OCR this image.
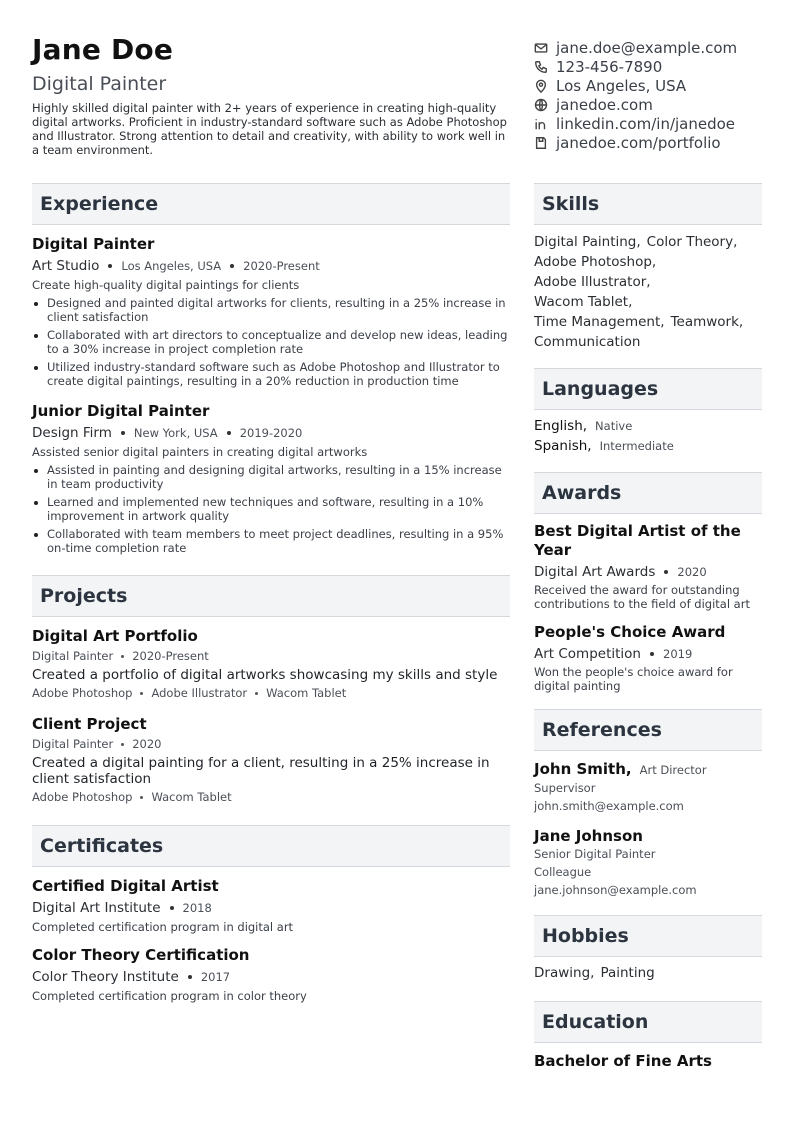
Jane Doe
Digital Painter
Highly skilled digital painter with 2+ years of experience in creating high-quality digital artworks. Proficient in industry-standard software such as Adobe Photoshop and Illustrator. Strong attention to detail and creativity, with ability to work well in a team environment.
jane.doe@example.com
123-456-7890
Los Angeles, USA
janedoe.com
linkedin.com/in/janedoe
janedoe.com/portfolio
Experience
Digital Painter
Art Studio Los Angeles, USA 2020-Present
Create high-quality digital paintings for clients
Designed and painted digital artworks for clients, resulting in a 25% increase in client satisfaction
Collaborated with art directors to conceptualize and develop new ideas, leading to a 30% increase in project completion rate
Utilized industry-standard software such as Adobe Photoshop and Illustrator to create digital paintings, resulting in a 20% reduction in production time
Junior Digital Painter
Design Firm New York, USA 2019-2020
Assisted senior digital painters in creating digital artworks
Assisted in painting and designing digital artworks, resulting in a 15% increase in team productivity
Learned and implemented new techniques and software, resulting in a 10% improvement in artwork quality
Collaborated with team members to meet project deadlines, resulting in a 95% on-time completion rate
Projects
Digital Art Portfolio
Digital Painter 2020-Present
Created a portfolio of digital artworks showcasing my skills and style
Adobe Photoshop Adobe Illustrator Wacom Tablet
Client Project
Digital Painter 2020
Created a digital painting for a client, resulting in a 25% increase in client satisfaction
Adobe Photoshop Wacom Tablet
Certificates
Certified Digital Artist
Digital Art Institute 2018
Completed certification program in digital art
Color Theory Certification
Color Theory Institute 2017
Completed certification program in color theory
Skills
Digital Painting, Color Theory,
Adobe Photoshop,
Adobe Illustrator,
Wacom Tablet,
Time Management, Teamwork,
Communication
Languages
English, Native
Spanish, Intermediate
Awards
Best Digital Artist of the Year
Digital Art Awards 2020
Received the award for outstanding contributions to the field of digital art
People's Choice Award
Art Competition 2019
Won the people's choice award for digital painting
References
John Smith, Art Director
Supervisor
john.smith@example.com
Jane Johnson
Senior Digital Painter
Colleague
jane.johnson@example.com
Hobbies
Drawing, Painting
Education
Bachelor of Fine Arts
